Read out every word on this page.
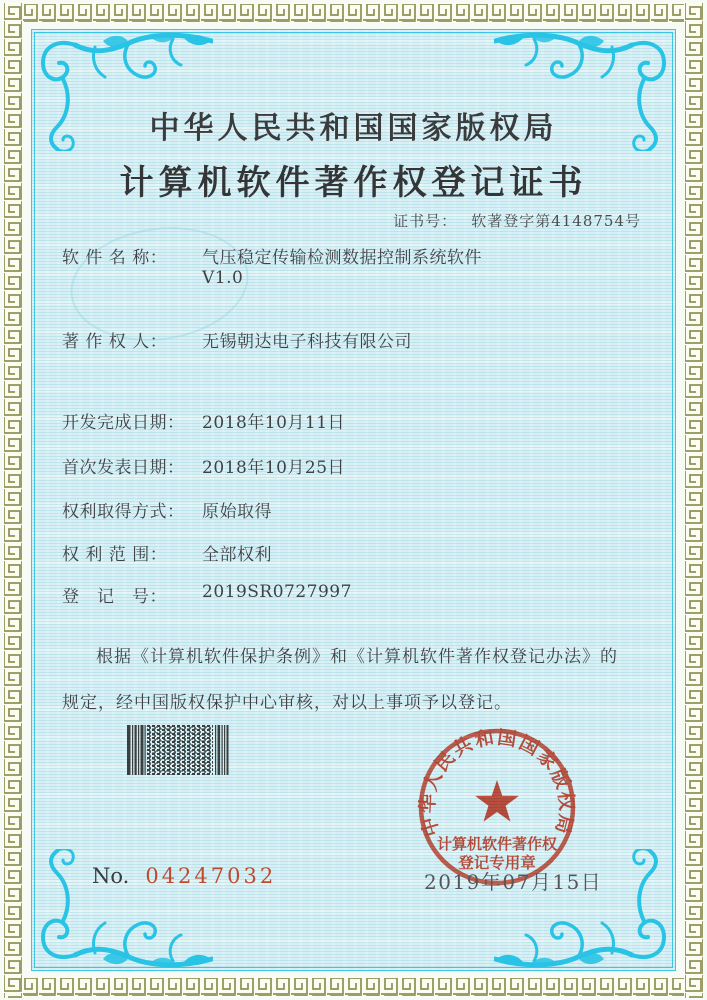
中华人民共和国国家版权局
计算机软件著作权登记证书
证书号： 软著登字第4148754号
软 件 名 称：	气压稳定传输检测数据控制系统软件
V1.0
著 作 权 人：	无锡朝达电子科技有限公司
开发完成日期：	2018年10月11日
首次发表日期：	2018年10月25日
权利取得方式：	原始取得
权 利 范 围：	全部权利
登　记　号：	2019SR0727997
根据《计算机软件保护条例》和《计算机软件著作权登记办法》的
规定，经中国版权保护中心审核，对以上事项予以登记。
中华人民共和国国家版权局
计算机软件著作权
登记专用章
2019年07月15日
No. 04247032
